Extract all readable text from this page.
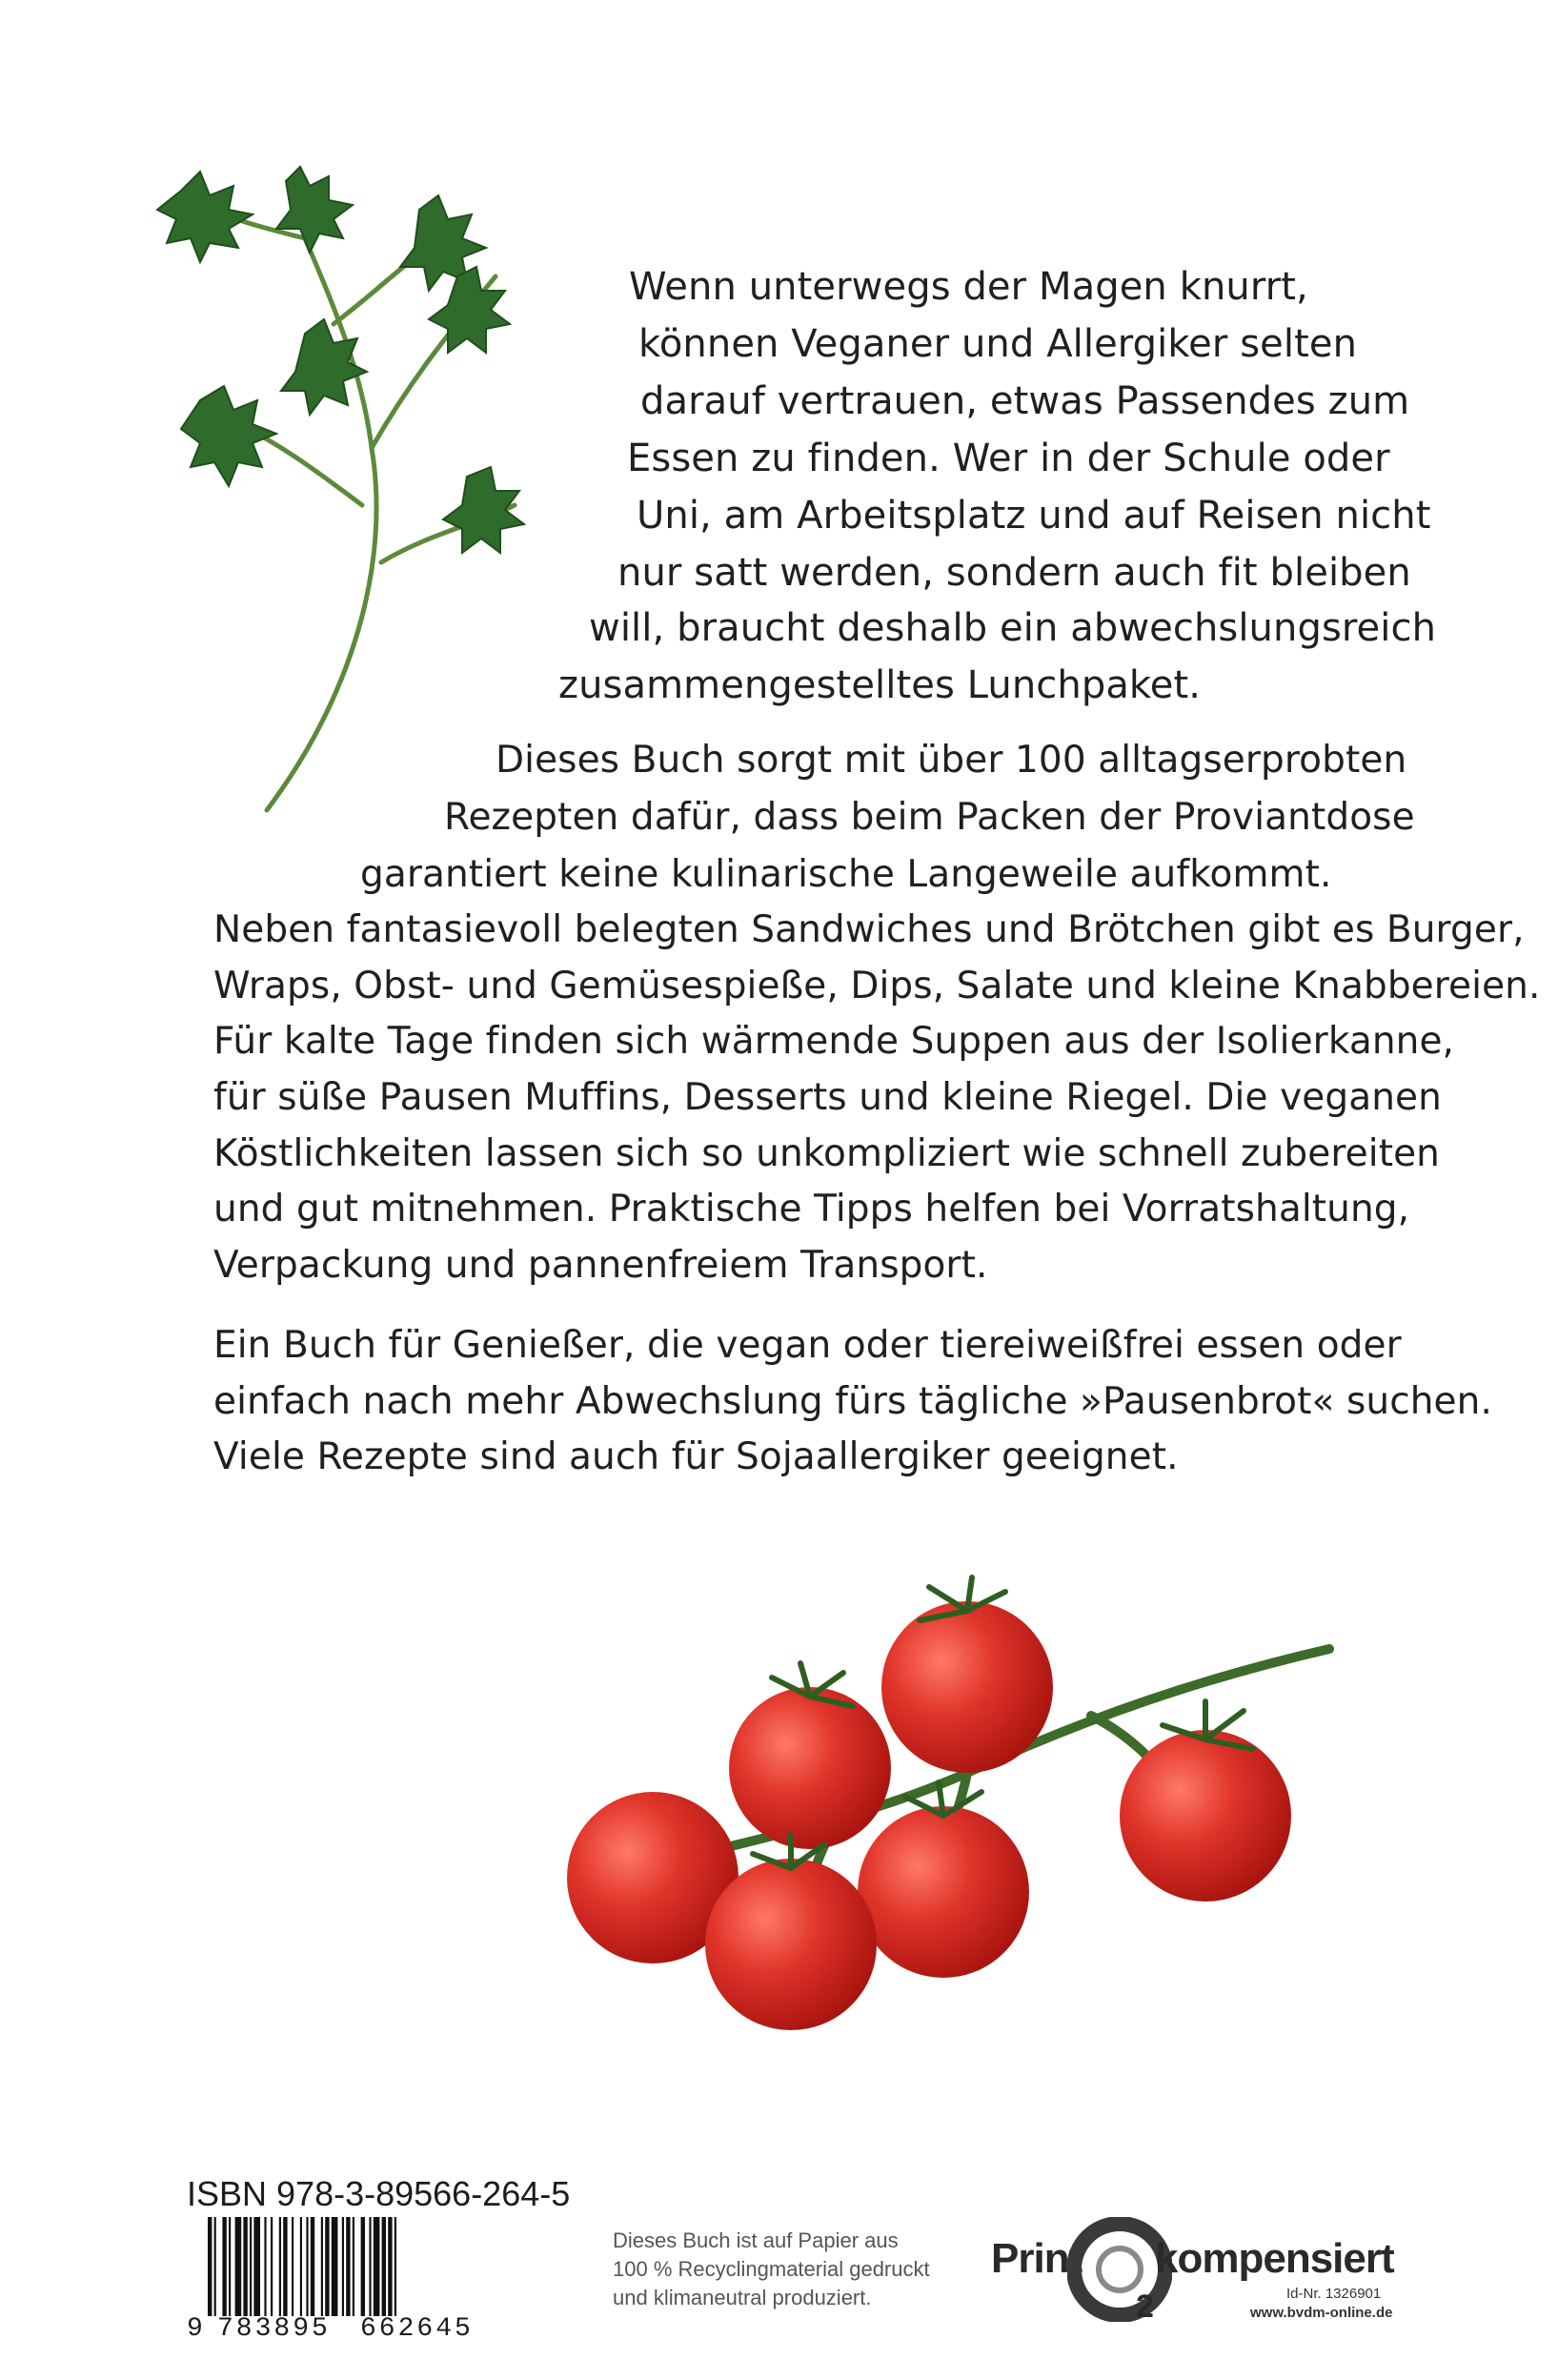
Wenn unterwegs der Magen knurrt,
können Veganer und Allergiker selten
darauf vertrauen, etwas Passendes zum
Essen zu finden. Wer in der Schule oder
Uni, am Arbeitsplatz und auf Reisen nicht
nur satt werden, sondern auch fit bleiben
will, braucht deshalb ein abwechslungsreich
zusammengestelltes Lunchpaket.
Dieses Buch sorgt mit über 100 alltagserprobten
Rezepten dafür, dass beim Packen der Proviantdose
garantiert keine kulinarische Langeweile aufkommt.
Neben fantasievoll belegten Sandwiches und Brötchen gibt es Burger,
Wraps, Obst- und Gemüsespieße, Dips, Salate und kleine Knabbereien.
Für kalte Tage finden sich wärmende Suppen aus der Isolierkanne,
für süße Pausen Muffins, Desserts und kleine Riegel. Die veganen
Köstlichkeiten lassen sich so unkompliziert wie schnell zubereiten
und gut mitnehmen. Praktische Tipps helfen bei Vorratshaltung,
Verpackung und pannenfreiem Transport.
Ein Buch für Genießer, die vegan oder tiereiweißfrei essen oder
einfach nach mehr Abwechslung fürs tägliche »Pausenbrot« suchen.
Viele Rezepte sind auch für Sojaallergiker geeignet.
ISBN 978-3-89566-264-5
9 783895 662645
Dieses Buch ist auf Papier aus
100 % Recyclingmaterial gedruckt
und klimaneutral produziert.
Print
2
kompensiert
Id-Nr. 1326901
www.bvdm-online.de
